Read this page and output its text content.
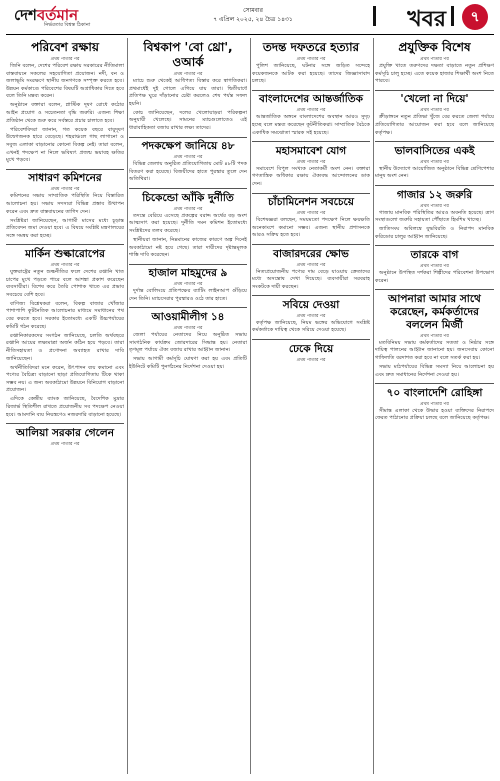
দেশবর্তমান
নির্ভরতার বিশ্বস্ত ঠিকানা
সোমবার
৭ এপ্রিল ২০২৫, ২৪ চৈত্র ১৪৩১	খবর	৭
পরিবেশ রক্ষায়
প্রথম পাতার পর

জিনি বলেন, দেশের পরিবেশ রক্ষায় সরকারের নীতিমালা বাস্তবায়নে সকলের সহযোগিতা প্রয়োজন। নদী, বন ও জলাভূমি সংরক্ষণে স্থানীয় জনগণকে সম্পৃক্ত করতে হবে। উন্নয়ন কর্মকাণ্ডে পরিবেশের বিষয়টি অগ্রাধিকার দিতে হবে বলে তিনি মন্তব্য করেন।

অনুষ্ঠানে বক্তারা বলেন, প্লাস্টিক দূষণ রোধে কঠোর আইন প্রয়োগ ও সচেতনতা বৃদ্ধি জরুরি। এজন্য শিক্ষা প্রতিষ্ঠান থেকে শুরু করে সর্বস্তরে প্রচার চালাতে হবে।

পরিবেশবিদরা জানান, গত কয়েক বছরে বায়ুদূষণ উদ্বেগজনক হারে বেড়েছে। শহরাঞ্চলে গাছ লাগানো ও সবুজ এলাকা বাড়ানোর কোনো বিকল্প নেই। তারা বলেন, এখনই পদক্ষেপ না নিলে ভবিষ্যৎ প্রজন্ম ভয়াবহ ক্ষতির মুখে পড়বে।

সাধারণ কমিশনের
প্রথম পাতার পর

কমিশনের সভায় সাম্প্রতিক পরিস্থিতি নিয়ে বিস্তারিত আলোচনা হয়। সভায় সদস্যরা বিভিন্ন প্রস্তাব উত্থাপন করেন এবং দ্রুত বাস্তবায়নের তাগিদ দেন।

সংশ্লিষ্টরা জানিয়েছেন, আগামী মাসের মধ্যে চূড়ান্ত প্রতিবেদন জমা দেওয়া হবে। এ বিষয়ে সংশ্লিষ্ট মন্ত্রণালয়ের সঙ্গে সমন্বয় করা হচ্ছে।

মার্কিন শুল্কারোপের
প্রথম পাতার পর

যুক্তরাষ্ট্রের নতুন শুল্কনীতির ফলে দেশের রপ্তানি খাত চাপের মুখে পড়তে পারে বলে আশঙ্কা প্রকাশ করেছেন ব্যবসায়ীরা। বিশেষ করে তৈরি পোশাক খাতে এর প্রভাব সবচেয়ে বেশি হবে।

বাণিজ্য বিশ্লেষকরা বলেন, বিকল্প বাজার খোঁজার পাশাপাশি কূটনৈতিক আলোচনার মাধ্যমে সমাধানের পথ বের করতে হবে। সরকার ইতোমধ্যে একটি উচ্চপর্যায়ের কমিটি গঠন করেছে।

রপ্তানিকারকদের সংগঠন জানিয়েছে, চলতি অর্থবছরে রপ্তানি আয়ের লক্ষ্যমাত্রা অর্জন কঠিন হয়ে পড়বে। তারা নীতিসহায়তা ও প্রণোদনা অব্যাহত রাখার দাবি জানিয়েছেন।

অর্থনীতিবিদরা মনে করেন, উৎপাদন ব্যয় কমানো এবং পণ্যের বৈচিত্র্য বাড়ানো ছাড়া প্রতিযোগিতায় টিকে থাকা সম্ভব নয়। এ জন্য অবকাঠামো উন্নয়নে বিনিয়োগ বাড়ানো প্রয়োজন।

এদিকে কেন্দ্রীয় ব্যাংক জানিয়েছে, বৈদেশিক মুদ্রার রিজার্ভ স্থিতিশীল রাখতে প্রয়োজনীয় সব পদক্ষেপ নেওয়া হবে। আমদানি ব্যয় নিয়ন্ত্রণেও নজরদারি বাড়ানো হয়েছে।

আলিয়া সরকার গেলেন
প্রথম পাতার পর
বিশ্বকাপ 'বো থ্রো', ওআর্ক
প্রথম পাতার পর

ম্যাচে শুরু থেকেই আধিপত্য বিস্তার করে স্বাগতিকরা। প্রথমার্ধেই দুই গোলে এগিয়ে যায় তারা। দ্বিতীয়ার্ধে প্রতিপক্ষ ঘুরে দাঁড়ানোর চেষ্টা করলেও শেষ পর্যন্ত সফল হয়নি।

কোচ জানিয়েছেন, দলের খেলোয়াড়রা পরিকল্পনা অনুযায়ী খেলেছে। সামনের ম্যাচগুলোতেও এই ধারাবাহিকতা বজায় রাখার লক্ষ্য তাদের।

পদকক্ষেপ জানিয়ে ৪৮
প্রথম পাতার পর

বিভিন্ন জেলায় অনুষ্ঠিত প্রতিযোগিতায় মোট ৪৮টি পদক বিতরণ করা হয়েছে। বিজয়ীদের হাতে পুরস্কার তুলে দেন অতিথিরা।

চিকেন্ডো আঁকি দুর্নীতি
প্রথম পাতার পর

তদন্তে বেরিয়ে এসেছে প্রকল্পের বরাদ্দ অর্থের বড় অংশ আত্মসাৎ করা হয়েছে। দুর্নীতি দমন কমিশন ইতোমধ্যে সংশ্লিষ্টদের তলব করেছে।

স্থানীয়রা জানান, নিম্নমানের কাজের কারণে অল্প দিনেই অবকাঠামো নষ্ট হয়ে গেছে। তারা দায়ীদের দৃষ্টান্তমূলক শাস্তি দাবি করেছেন।

হাজাল মাহমুদের ৯
প্রথম পাতার পর

দুর্দান্ত বোলিংয়ে প্রতিপক্ষের ব্যাটিং লাইনআপ গুঁড়িয়ে দেন তিনি। ম্যাচসেরার পুরস্কারও ওঠে তার হাতে।

আওয়ামীলীগ ১৪
প্রথম পাতার পর

জেলা পর্যায়ের নেতাদের নিয়ে অনুষ্ঠিত সভায় সাংগঠনিক কার্যক্রম জোরদারের সিদ্ধান্ত হয়। নেতারা তৃণমূল পর্যায়ে ঐক্য বজায় রাখার আহ্বান জানান।

সভায় আগামী কর্মসূচি ঘোষণা করা হয় এবং প্রতিটি ইউনিটে কমিটি পুনর্গঠনের নির্দেশনা দেওয়া হয়।

তদন্ত দফতরে হত্যার
প্রথম পাতার পর

পুলিশ জানিয়েছে, ঘটনার সঙ্গে জড়িত সন্দেহে কয়েকজনকে আটক করা হয়েছে। তাদের জিজ্ঞাসাবাদ চলছে।

বাংলাদেশের আন্তর্জাতিক
প্রথম পাতার পর

আন্তর্জাতিক অঙ্গনে বাংলাদেশের অবস্থান আরও সুদৃঢ় হচ্ছে বলে মন্তব্য করেছেন কূটনীতিকরা। সাম্প্রতিক বৈঠকে একাধিক সমঝোতা স্মারক সই হয়েছে।

মহাসমাবেশ যোগ
প্রথম পাতার পর

সমাবেশে বিপুল সংখ্যক নেতাকর্মী অংশ নেন। বক্তারা গণতান্ত্রিক অধিকার রক্ষায় ঐক্যবদ্ধ আন্দোলনের ডাক দেন।

চাঁচামিনেশন সবচেয়ে
প্রথম পাতার পর

বিশেষজ্ঞরা বলছেন, সময়মতো পদক্ষেপ নিলে ক্ষয়ক্ষতি অনেকাংশে কমানো সম্ভব। এজন্য স্থানীয় প্রশাসনকে আরও সক্রিয় হতে হবে।

বাজারদরের ক্ষোভ
প্রথম পাতার পর

নিত্যপ্রয়োজনীয় পণ্যের দাম বেড়ে যাওয়ায় ক্রেতাদের মধ্যে অসন্তোষ দেখা দিয়েছে। ব্যবসায়ীরা সরবরাহ সংকটকে দায়ী করছেন।

সবিয়ে দেওয়া
প্রথম পাতার পর

কর্তৃপক্ষ জানিয়েছে, নিয়ম ভঙ্গের অভিযোগে সংশ্লিষ্ট কর্মকর্তাকে দায়িত্ব থেকে সরিয়ে দেওয়া হয়েছে।

ঢেকে দিয়ে
প্রথম পাতার পর
প্রযুক্তিক বিশেষ
প্রথম পাতার পর

প্রযুক্তি খাতে তরুণদের দক্ষতা বাড়াতে নতুন প্রশিক্ষণ কর্মসূচি চালু হচ্ছে। এতে কয়েক হাজার শিক্ষার্থী অংশ নিতে পারবে।

'খেলো না দিয়ে'
প্রথম পাতার পর

ক্রীড়াঙ্গনে নতুন প্রতিভা খুঁজে বের করতে জেলা পর্যায়ে প্রতিযোগিতার আয়োজন করা হবে বলে জানিয়েছে কর্তৃপক্ষ।

ভালবাসিতের একই
প্রথম পাতার পর

স্থানীয় উদ্যোগে আয়োজিত অনুষ্ঠানে বিভিন্ন শ্রেণিপেশার মানুষ অংশ নেন।

গাজার ১২ জরুরি
প্রথম পাতার পর

গাজায় মানবিক পরিস্থিতির আরও অবনতি হয়েছে। ত্রাণ সংস্থাগুলো জরুরি সহায়তা পৌঁছাতে হিমশিম খাচ্ছে।

জাতিসংঘ অবিলম্বে যুদ্ধবিরতি ও নিরাপদ মানবিক করিডোর চালুর আহ্বান জানিয়েছে।

তারকে বাগ
প্রথম পাতার পর

অনুষ্ঠানে উপস্থিত দর্শকরা শিল্পীদের পরিবেশনা উপভোগ করেন।

আপনারা আমার সাথে করেছেন, কর্মকর্তাদের বললেন মির্জী
প্রথম পাতার পর

মতবিনিময় সভায় কর্মকর্তাদের সততা ও নিষ্ঠার সঙ্গে দায়িত্ব পালনের আহ্বান জানানো হয়। জনসেবায় কোনো গাফিলতি বরদাশত করা হবে না বলে সতর্ক করা হয়।

সভায় মাঠপর্যায়ের বিভিন্ন সমস্যা নিয়ে আলোচনা হয় এবং দ্রুত সমাধানের নির্দেশনা দেওয়া হয়।

৭০ বাংলাদেশি রোহিঙ্গা
প্রথম পাতার পর

সীমান্ত এলাকা থেকে উদ্ধার হওয়া ব্যক্তিদের নিরাপদে ফেরত পাঠানোর প্রক্রিয়া চলছে বলে জানিয়েছে কর্তৃপক্ষ।
